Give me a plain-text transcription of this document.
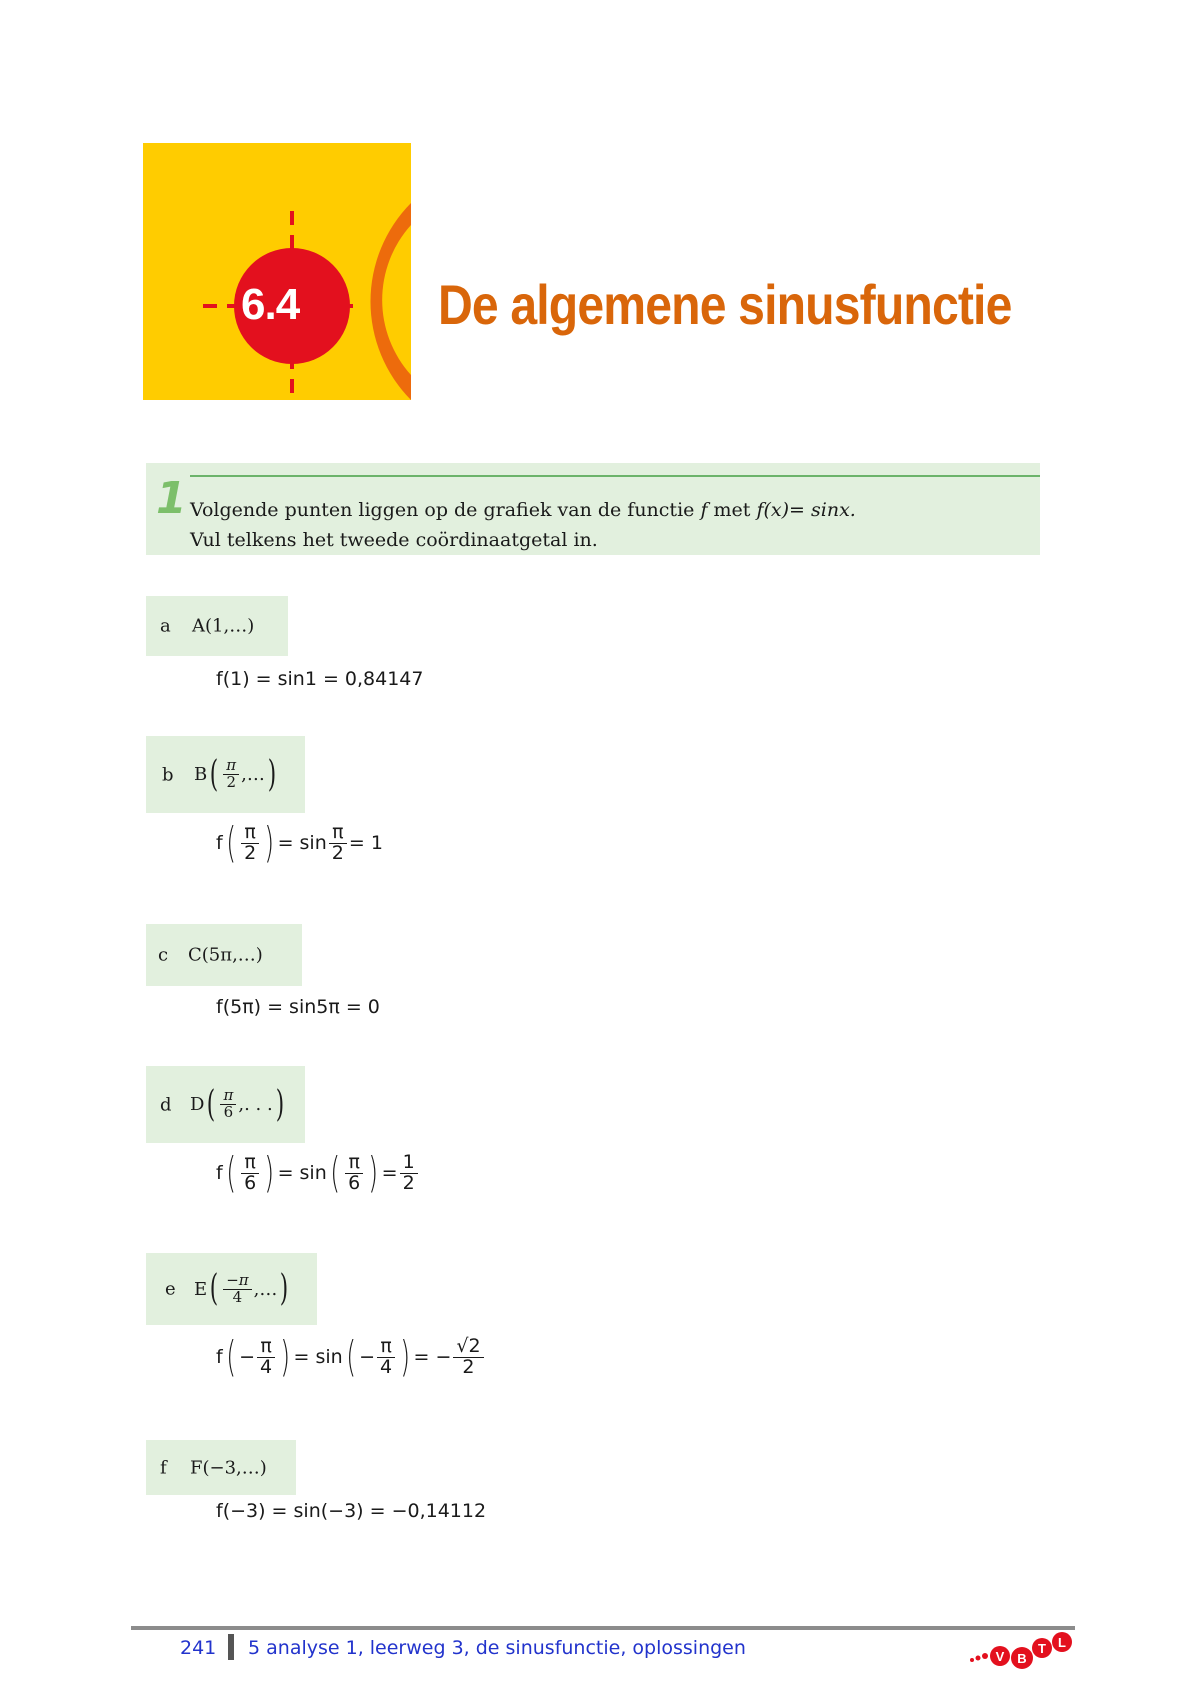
6.4 De algemene sinusfunctie
1 Volgende punten liggen op de grafiek van de functie f met f(x)= sinx.
Vul telkens het tweede coördinaatgetal in.
a A(1,…)
f(1) = sin1 = 0,84147
b B ( $\frac{\pi}{2}$ ,… )
f ( $\frac{\pi}{2}$ ) = $\sin \frac{\pi}{2} = 1$
c C(5π,…)
f(5π) = sin5π = 0
d D ( $\frac{\pi}{6}$ ,. . . )
f ( $\frac{\pi}{6}$ ) = sin ( $\frac{\pi}{6}$ ) = $\frac{1}{2}$
e E ( $\frac{-\pi}{4}$ ,… )
f ( − $\frac{\pi}{4}$ ) = sin ( − $\frac{\pi}{4}$ ) = − $\frac{√2}{2}$
f F(−3,…)
f(−3) = sin(−3) = −0,14112
241 5 analyse 1, leerweg 3, de sinusfunctie, oplossingen	V B
T L
